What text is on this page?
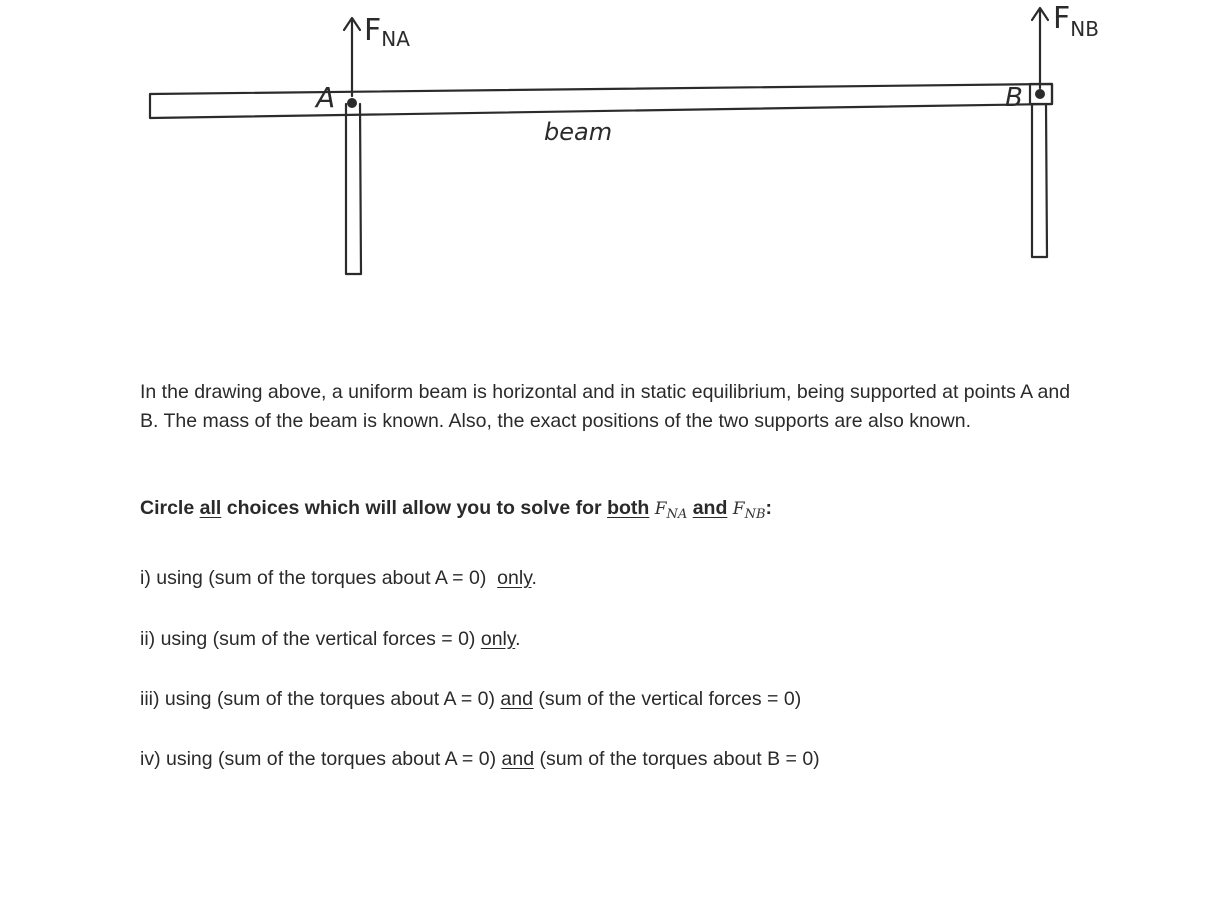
$F_{NA}$
$F_{NB}$
A	B
beam

In the drawing above, a uniform beam is horizontal and in static equilibrium, being supported at points A and B. The mass of the beam is known. Also, the exact positions of the two supports are also known.

Circle all choices which will allow you to solve for both $F_{NA}$ and $F_{NB}$:
i) using (sum of the torques about A = 0)  only.
ii) using (sum of the vertical forces = 0) only.
iii) using (sum of the torques about A = 0) and (sum of the vertical forces = 0)
iv) using (sum of the torques about A = 0) and (sum of the torques about B = 0)
